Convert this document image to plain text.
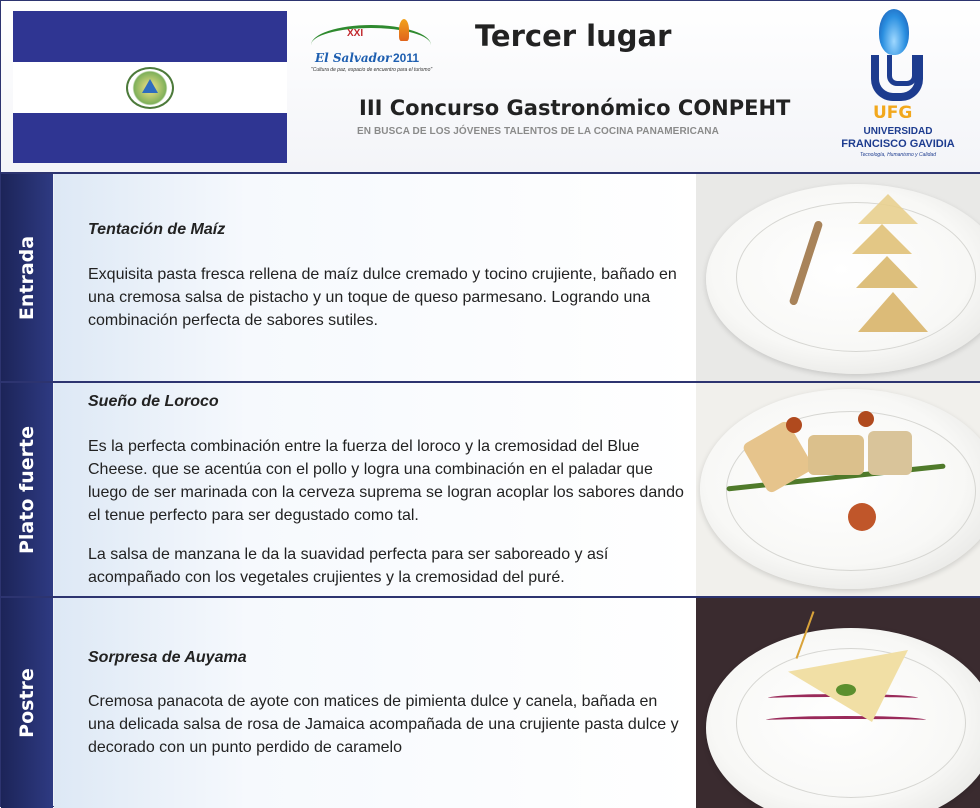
XXI
El Salvador 2011
"Cultura de paz, espacio de encuentro para el turismo"
Tercer lugar
III Concurso Gastronómico CONPEHT
EN BUSCA DE LOS JÓVENES TALENTOS DE LA COCINA PANAMERICANA
UFG
UNIVERSIDAD
FRANCISCO GAVIDIA
Tecnología, Humanismo y Calidad
Entrada
Tentación de Maíz
Exquisita pasta fresca rellena de maíz dulce cremado y tocino crujiente, bañado en una cremosa salsa de pistacho y un toque de queso parmesano. Logrando una combinación perfecta de sabores sutiles.
Plato fuerte
Sueño de Loroco
Es la perfecta combinación entre la fuerza del loroco y la cremosidad del Blue Cheese. que se acentúa con el pollo y logra una combinación en el paladar que luego de ser marinada con la cerveza suprema se logran acoplar los sabores dando el tenue perfecto para ser degustado como tal.
La salsa de manzana le da la suavidad perfecta para ser saboreado y así acompañado con los vegetales crujientes y la cremosidad del puré.
Postre
Sorpresa de Auyama
Cremosa panacota de ayote con matices de pimienta dulce y canela, bañada en una delicada salsa de rosa de Jamaica acompañada de una crujiente pasta dulce y decorado con un punto perdido de caramelo
